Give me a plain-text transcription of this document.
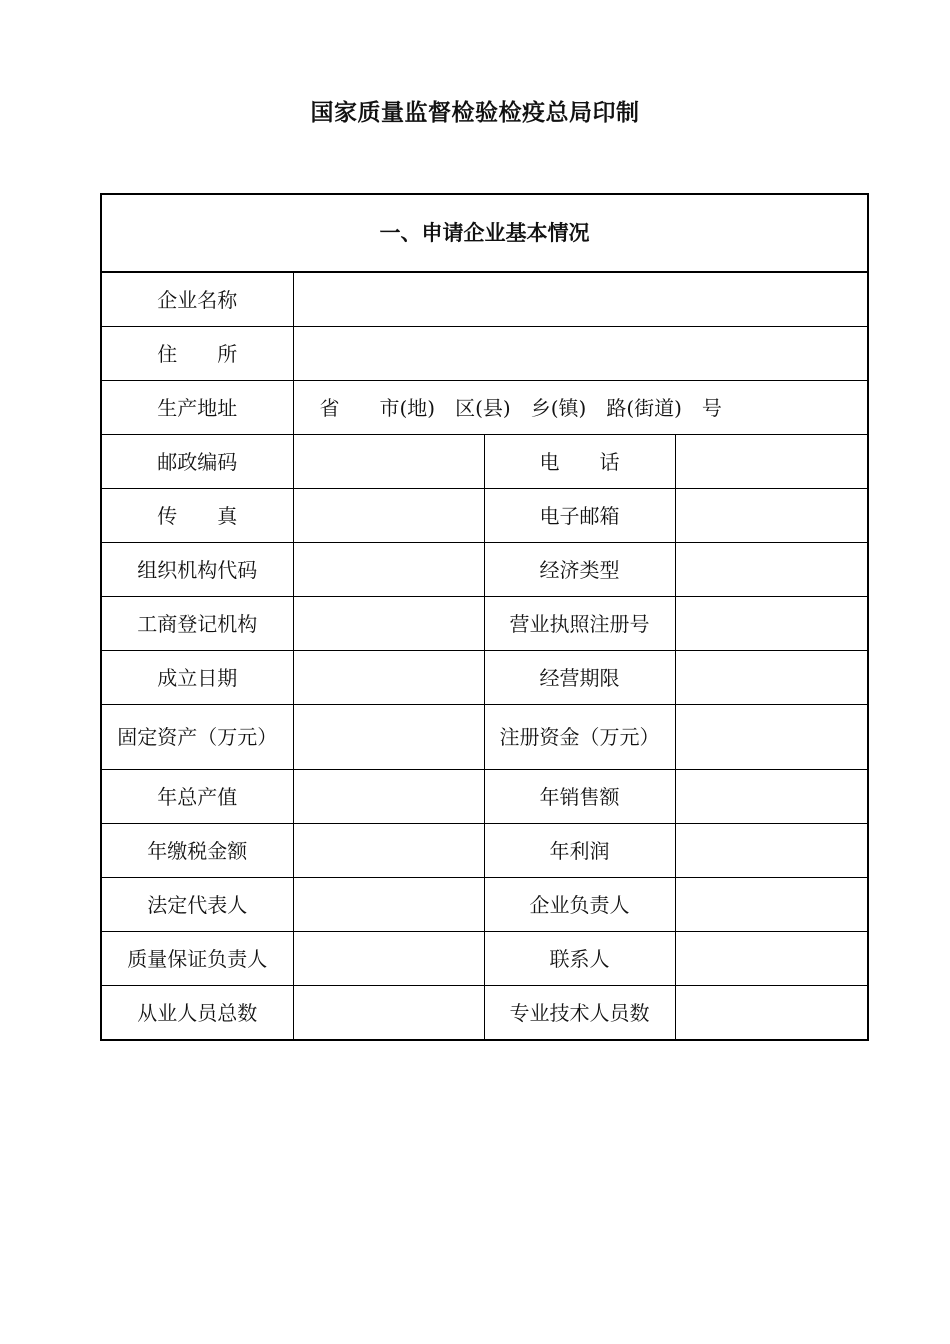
国家质量监督检验检疫总局印制
一、申请企业基本情况			
企业名称			
住　　所			
生产地址	省　　市(地)　区(县)　乡(镇)　路(街道)　号		
邮政编码		电　　话	
传　　真		电子邮箱	
组织机构代码		经济类型	
工商登记机构		营业执照注册号	
成立日期		经营期限	
固定资产（万元）		注册资金（万元）	
年总产值		年销售额	
年缴税金额		年利润	
法定代表人		企业负责人	
质量保证负责人		联系人	
从业人员总数		专业技术人员数	
